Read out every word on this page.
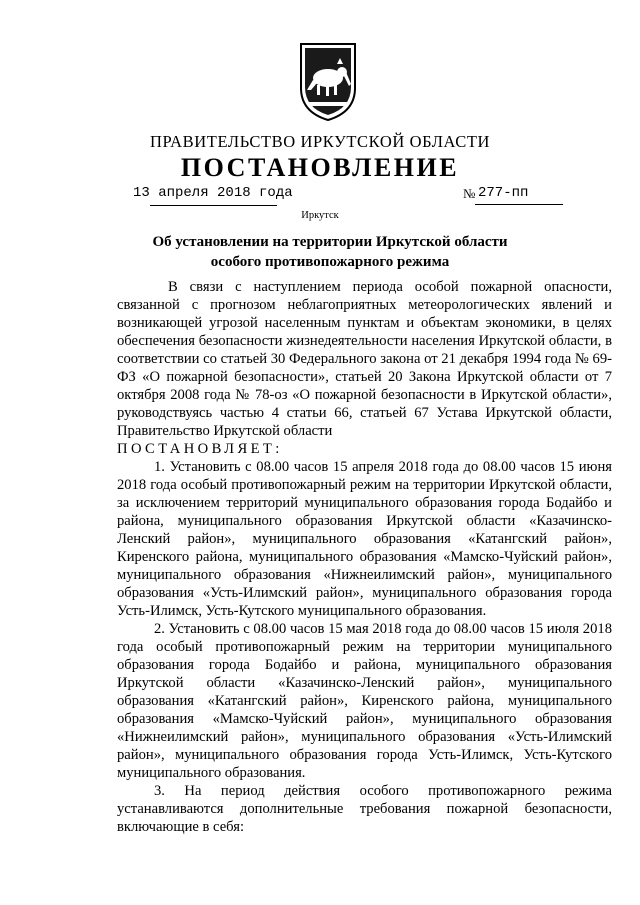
ПРАВИТЕЛЬСТВО ИРКУТСКОЙ ОБЛАСТИ
ПОСТАНОВЛЕНИЕ
13 апреля 2018 года	№ 277-пп
Иркутск
Об установлении на территории Иркутской области особого противопожарного режима

В связи с наступлением периода особой пожарной опасности, связанной с прогнозом неблагоприятных метеорологических явлений и возникающей угрозой населенным пунктам и объектам экономики, в целях обеспечения безопасности жизнедеятельности населения Иркутской области, в соответствии со статьей 30 Федерального закона от 21 декабря 1994 года № 69-ФЗ «О пожарной безопасности», статьей 20 Закона Иркутской области от 7 октября 2008 года № 78-оз «О пожарной безопасности в Иркутской области», руководствуясь частью 4 статьи 66, статьей 67 Устава Иркутской области, Правительство Иркутской области

ПОСТАНОВЛЯЕТ:

1. Установить с 08.00 часов 15 апреля 2018 года до 08.00 часов 15 июня 2018 года особый противопожарный режим на территории Иркутской области, за исключением территорий муниципального образования города Бодайбо и района, муниципального образования Иркутской области «Казачинско-Ленский район», муниципального образования «Катангский район», Киренского района, муниципального образования «Мамско-Чуйский район», муниципального образования «Нижнеилимский район», муниципального образования «Усть-Илимский район», муниципального образования города Усть-Илимск, Усть-Кутского муниципального образования.

2. Установить с 08.00 часов 15 мая 2018 года до 08.00 часов 15 июля 2018 года особый противопожарный режим на территории муниципального образования города Бодайбо и района, муниципального образования Иркутской области «Казачинско-Ленский район», муниципального образования «Катангский район», Киренского района, муниципального образования «Мамско-Чуйский район», муниципального образования «Нижнеилимский район», муниципального образования «Усть-Илимский район», муниципального образования города Усть-Илимск, Усть-Кутского муниципального образования.

3. На период действия особого противопожарного режима устанавливаются дополнительные требования пожарной безопасности, включающие в себя:
